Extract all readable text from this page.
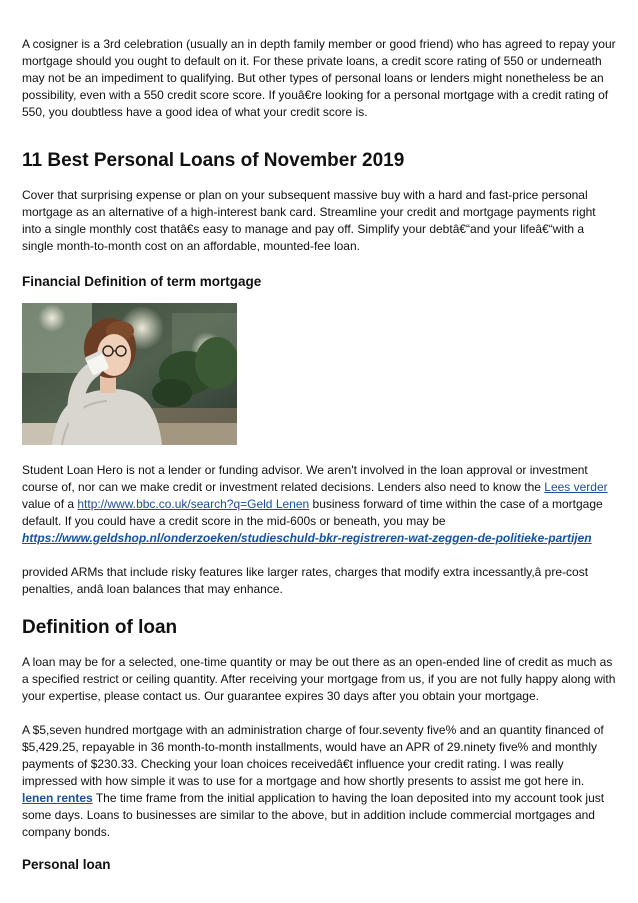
A cosigner is a 3rd celebration (usually an in depth family member or good friend) who has agreed to repay your mortgage should you ought to default on it. For these private loans, a credit score rating of 550 or underneath may not be an impediment to qualifying. But other types of personal loans or lenders might nonetheless be an possibility, even with a 550 credit score score. If youâ€re looking for a personal mortgage with a credit rating of 550, you doubtless have a good idea of what your credit score is.

11 Best Personal Loans of November 2019

Cover that surprising expense or plan on your subsequent massive buy with a hard and fast-price personal mortgage as an alternative of a high-interest bank card. Streamline your credit and mortgage payments right into a single monthly cost thatâ€s easy to manage and pay off. Simplify your debtâ€“and your lifeâ€“with a single month-to-month cost on an affordable, mounted-fee loan.

Financial Definition of term mortgage

Student Loan Hero is not a lender or funding advisor. We aren't involved in the loan approval or investment course of, nor can we make credit or investment related decisions. Lenders also need to know the Lees verder value of a http://www.bbc.co.uk/search?q=Geld Lenen business forward of time within the case of a mortgage default. If you could have a credit score in the mid-600s or beneath, you may be
https://www.geldshop.nl/onderzoeken/studieschuld-bkr-registreren-wat-zeggen-de-politieke-partijen

provided ARMs that include risky features like larger rates, charges that modify extra incessantly,â pre-cost penalties, andâ loan balances that may enhance.

Definition of loan

A loan may be for a selected, one-time quantity or may be out there as an open-ended line of credit as much as a specified restrict or ceiling quantity. After receiving your mortgage from us, if you are not fully happy along with your expertise, please contact us. Our guarantee expires 30 days after you obtain your mortgage.

A $5,seven hundred mortgage with an administration charge of four.seventy five% and an quantity financed of $5,429.25, repayable in 36 month-to-month installments, would have an APR of 29.ninety five% and monthly payments of $230.33. Checking your loan choices receivedâ€t influence your credit rating. I was really impressed with how simple it was to use for a mortgage and how shortly presents to assist me got here in. lenen rentes The time frame from the initial application to having the loan deposited into my account took just some days. Loans to businesses are similar to the above, but in addition include commercial mortgages and company bonds.

Personal loan
